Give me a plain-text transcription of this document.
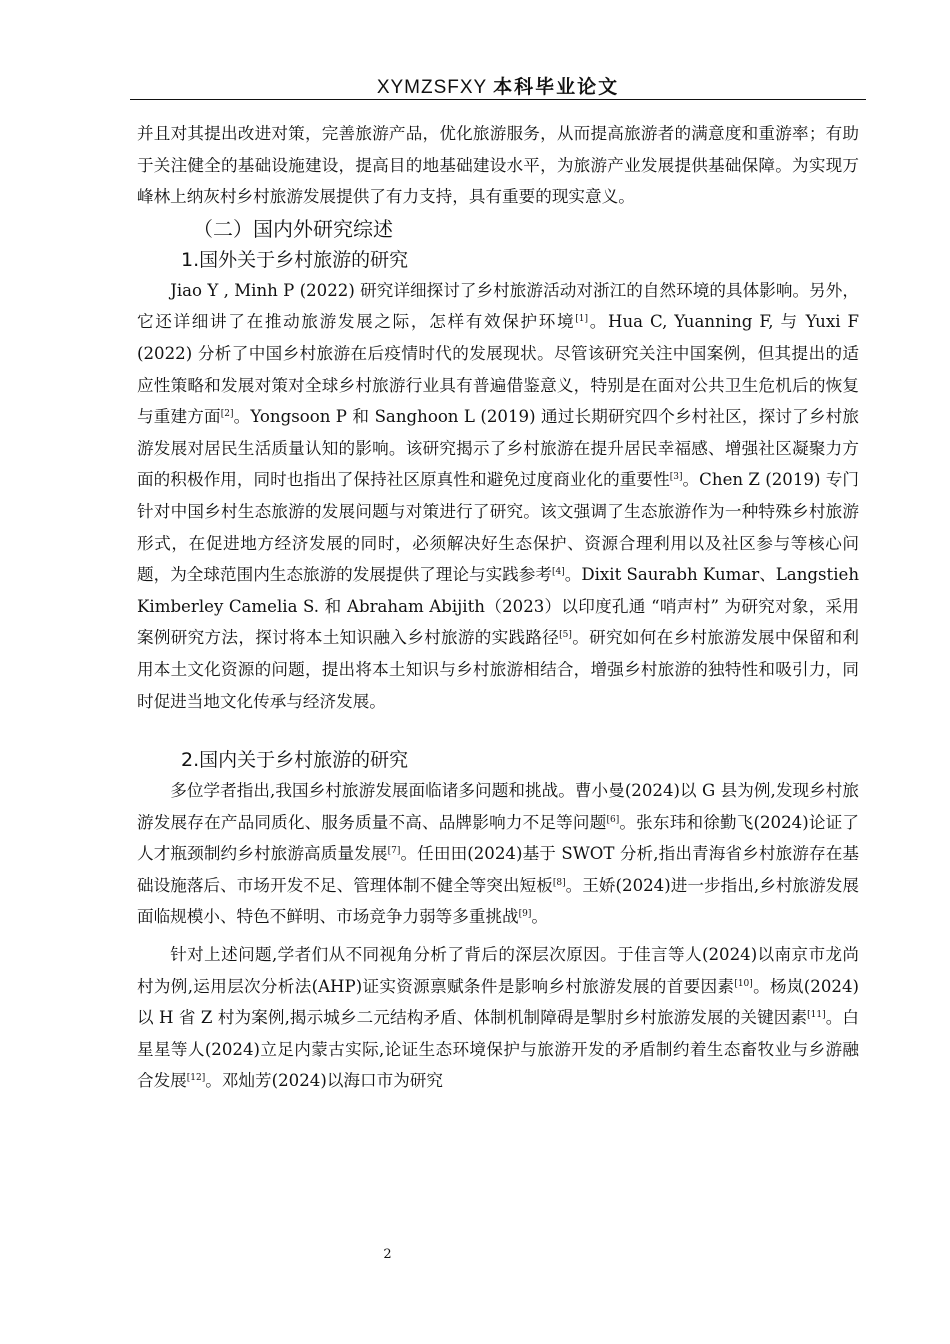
XYMZSFXY 本科毕业论文

并且对其提出改进对策，完善旅游产品，优化旅游服务，从而提高旅游者的满意度和重游率；有助于关注健全的基础设施建设，提高目的地基础建设水平，为旅游产业发展提供基础保障。为实现万峰林上纳灰村乡村旅游发展提供了有力支持，具有重要的现实意义。

（二）国内外研究综述
1.国外关于乡村旅游的研究

Jiao Y , Minh P (2022) 研究详细探讨了乡村旅游活动对浙江的自然环境的具体影响。另外，它还详细讲了在推动旅游发展之际，怎样有效保护环境[1]。Hua C, Yuanning F, 与 Yuxi F (2022) 分析了中国乡村旅游在后疫情时代的发展现状。尽管该研究关注中国案例，但其提出的适应性策略和发展对策对全球乡村旅游行业具有普遍借鉴意义，特别是在面对公共卫生危机后的恢复与重建方面[2]。Yongsoon P 和 Sanghoon L (2019) 通过长期研究四个乡村社区，探讨了乡村旅游发展对居民生活质量认知的影响。该研究揭示了乡村旅游在提升居民幸福感、增强社区凝聚力方面的积极作用，同时也指出了保持社区原真性和避免过度商业化的重要性[3]。Chen Z (2019) 专门针对中国乡村生态旅游的发展问题与对策进行了研究。该文强调了生态旅游作为一种特殊乡村旅游形式，在促进地方经济发展的同时，必须解决好生态保护、资源合理利用以及社区参与等核心问题，为全球范围内生态旅游的发展提供了理论与实践参考[4]。Dixit Saurabh Kumar、Langstieh Kimberley Camelia S. 和 Abraham Abijith（2023）以印度孔通 “哨声村” 为研究对象，采用案例研究方法，探讨将本土知识融入乡村旅游的实践路径[5]。研究如何在乡村旅游发展中保留和利用本土文化资源的问题，提出将本土知识与乡村旅游相结合，增强乡村旅游的独特性和吸引力，同时促进当地文化传承与经济发展。

2.国内关于乡村旅游的研究

多位学者指出,我国乡村旅游发展面临诸多问题和挑战。曹小曼(2024)以 G 县为例,发现乡村旅游发展存在产品同质化、服务质量不高、品牌影响力不足等问题[6]。张东玮和徐勤飞(2024)论证了人才瓶颈制约乡村旅游高质量发展[7]。任田田(2024)基于 SWOT 分析,指出青海省乡村旅游存在基础设施落后、市场开发不足、管理体制不健全等突出短板[8]。王娇(2024)进一步指出,乡村旅游发展面临规模小、特色不鲜明、市场竞争力弱等多重挑战[9]。

针对上述问题,学者们从不同视角分析了背后的深层次原因。于佳言等人(2024)以南京市龙尚村为例,运用层次分析法(AHP)证实资源禀赋条件是影响乡村旅游发展的首要因素[10]。杨岚(2024)以 H 省 Z 村为案例,揭示城乡二元结构矛盾、体制机制障碍是掣肘乡村旅游发展的关键因素[11]。白星星等人(2024)立足内蒙古实际,论证生态环境保护与旅游开发的矛盾制约着生态畜牧业与乡游融合发展[12]。邓灿芳(2024)以海口市为研究

2
